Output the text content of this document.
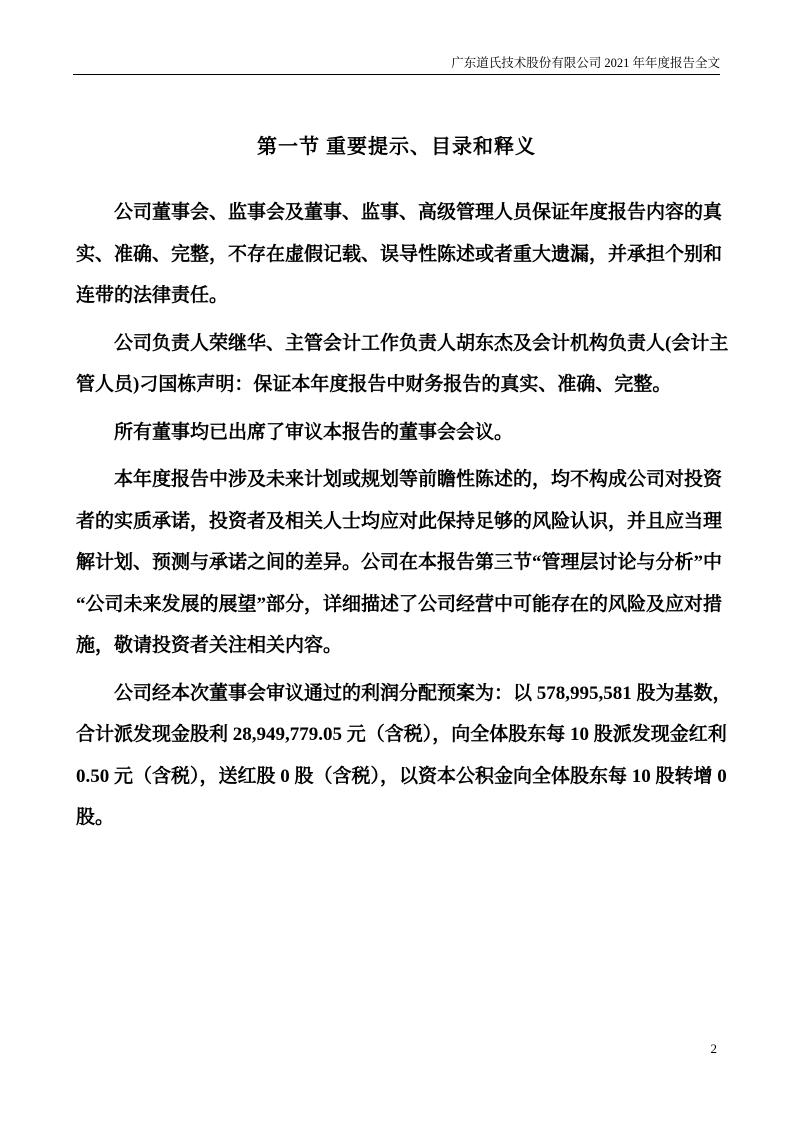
广东道氏技术股份有限公司 2021 年年度报告全文
第一节 重要提示、目录和释义
公司董事会、监事会及董事、监事、高级管理人员保证年度报告内容的真
实、准确、完整，不存在虚假记载、误导性陈述或者重大遗漏，并承担个别和
连带的法律责任。
公司负责人荣继华、主管会计工作负责人胡东杰及会计机构负责人(会计主
管人员)刁国栋声明：保证本年度报告中财务报告的真实、准确、完整。
所有董事均已出席了审议本报告的董事会会议。
本年度报告中涉及未来计划或规划等前瞻性陈述的，均不构成公司对投资
者的实质承诺，投资者及相关人士均应对此保持足够的风险认识，并且应当理
解计划、预测与承诺之间的差异。公司在本报告第三节“管理层讨论与分析”中
“公司未来发展的展望”部分，详细描述了公司经营中可能存在的风险及应对措
施，敬请投资者关注相关内容。
公司经本次董事会审议通过的利润分配预案为：以 578,995,581 股为基数，
合计派发现金股利 28,949,779.05 元（含税），向全体股东每 10 股派发现金红利
0.50 元（含税），送红股 0 股（含税），以资本公积金向全体股东每 10 股转增 0
股。
2
